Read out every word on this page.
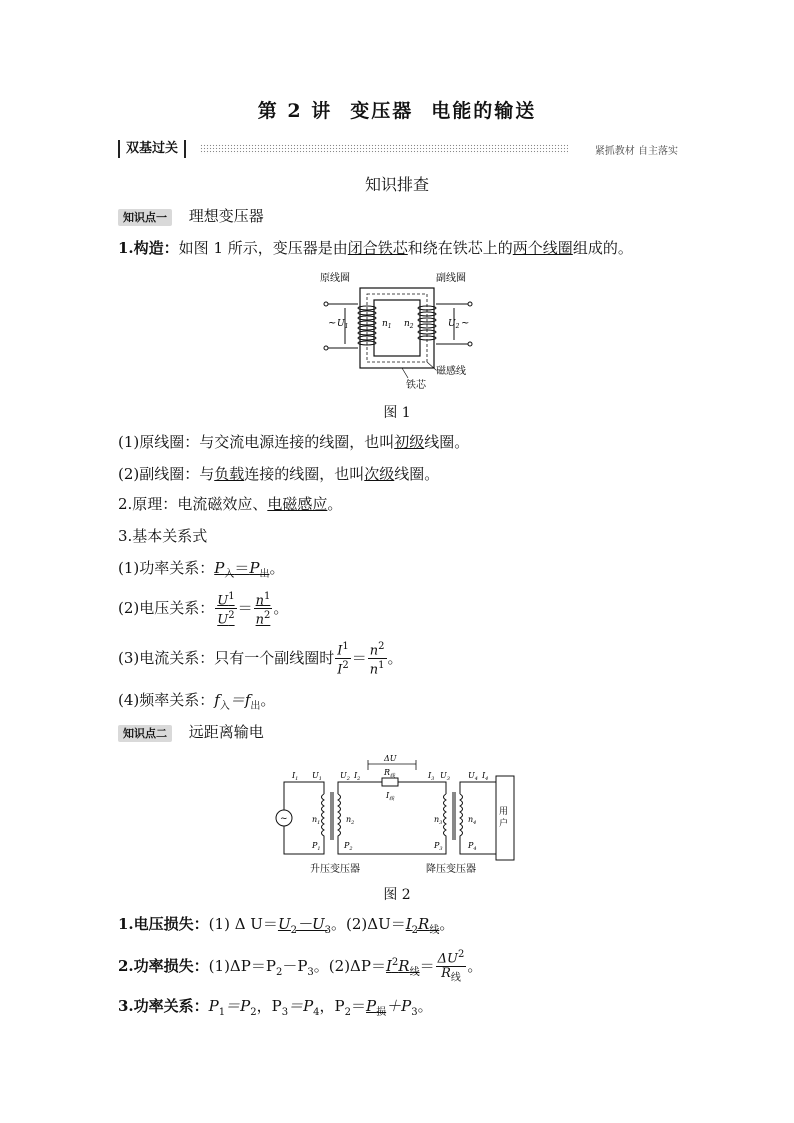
第 2 讲 变压器 电能的输送
双基过关	紧抓教材 自主落实
知识排查
知识点一 理想变压器
1.构造：如图 1 所示，变压器是由闭合铁芯和绕在铁芯上的两个线圈组成的。
原线圈	副线圈
~ $U_1$	$n_1$ $n_2$	$U_2$ ~
磁感线
铁芯
图 1
(1)原线圈：与交流电源连接的线圈，也叫初级线圈。
(2)副线圈：与负载连接的线圈，也叫次级线圈。
2.原理：电流磁效应、电磁感应。
3.基本关系式
(1)功率关系：$P_入=P_出$。
(2)电压关系： $\frac{U^1}{U^2} = \frac{n^1}{n^2}$ 。
(3)电流关系：只有一个副线圈时 $\frac{I^1}{I^2} = \frac{n^2}{n^1}$ 。
(4)频率关系：$f_入=f_出$。
知识点二 远距离输电
~
ΔU
$I_1$ $U_1$ $U_2$ $I_2$
$R_线$
$I_线$
$I_3$ $U_3$ $U_4$ $I_4$
$n_1$	$n_2$	$n_3$	$n_4$
$P_1$	$P_2$	$P_3$	$P_4$
用
户
升压变压器	降压变压器
图 2
1.电压损失：(1) Δ $U=U_2-U_3$。$(2)\Delta U=I_2R_线$。
2.功率损失：$(1)\Delta P=P_2-P_3$。$(2)\Delta P=I^2R_线= \frac{\Delta U^2}{R_线}$ 。
3.功率关系：$P_1=P_2$，$P_3=P_4$，$P_2=P_损+P_3$。
